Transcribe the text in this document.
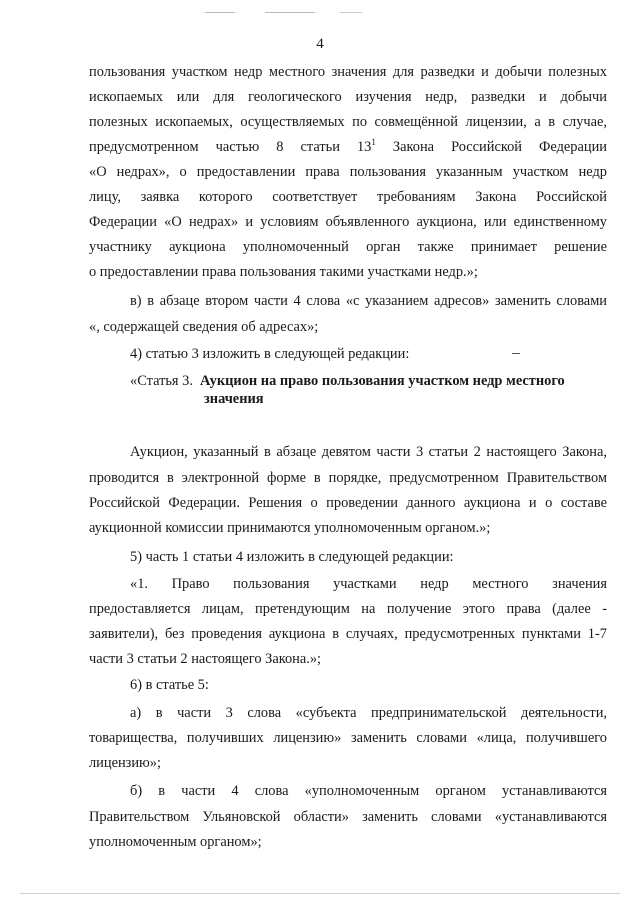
4
пользования участком недр местного значения для разведки и добычи полезных
ископаемых или для геологического изучения недр, разведки и добычи
полезных ископаемых, осуществляемых по совмещённой лицензии, а в случае,
предусмотренном частью 8 статьи $13^1$ Закона Российской Федерации
«О недрах», о предоставлении права пользования указанным участком недр
лицу, заявка которого соответствует требованиям Закона Российской
Федерации «О недрах» и условиям объявленного аукциона, или единственному
участнику аукциона уполномоченный орган также принимает решение
о предоставлении права пользования такими участками недр.»;
в) в абзаце втором части 4 слова «с указанием адресов» заменить словами
«, содержащей сведения об адресах»;
4) статью 3 изложить в следующей редакции:
«Статья 3. Аукцион на право пользования участком недр местного
значения
Аукцион, указанный в абзаце девятом части 3 статьи 2 настоящего Закона,
проводится в электронной форме в порядке, предусмотренном Правительством
Российской Федерации. Решения о проведении данного аукциона и о составе
аукционной комиссии принимаются уполномоченным органом.»;
5) часть 1 статьи 4 изложить в следующей редакции:
«1. Право пользования участками недр местного значения
предоставляется лицам, претендующим на получение этого права (далее -
заявители), без проведения аукциона в случаях, предусмотренных пунктами 1-7
части 3 статьи 2 настоящего Закона.»;
6) в статье 5:
а) в части 3 слова «субъекта предпринимательской деятельности,
товарищества, получивших лицензию» заменить словами «лица, получившего
лицензию»;
б) в части 4 слова «уполномоченным органом устанавливаются
Правительством Ульяновской области» заменить словами «устанавливаются
уполномоченным органом»;
